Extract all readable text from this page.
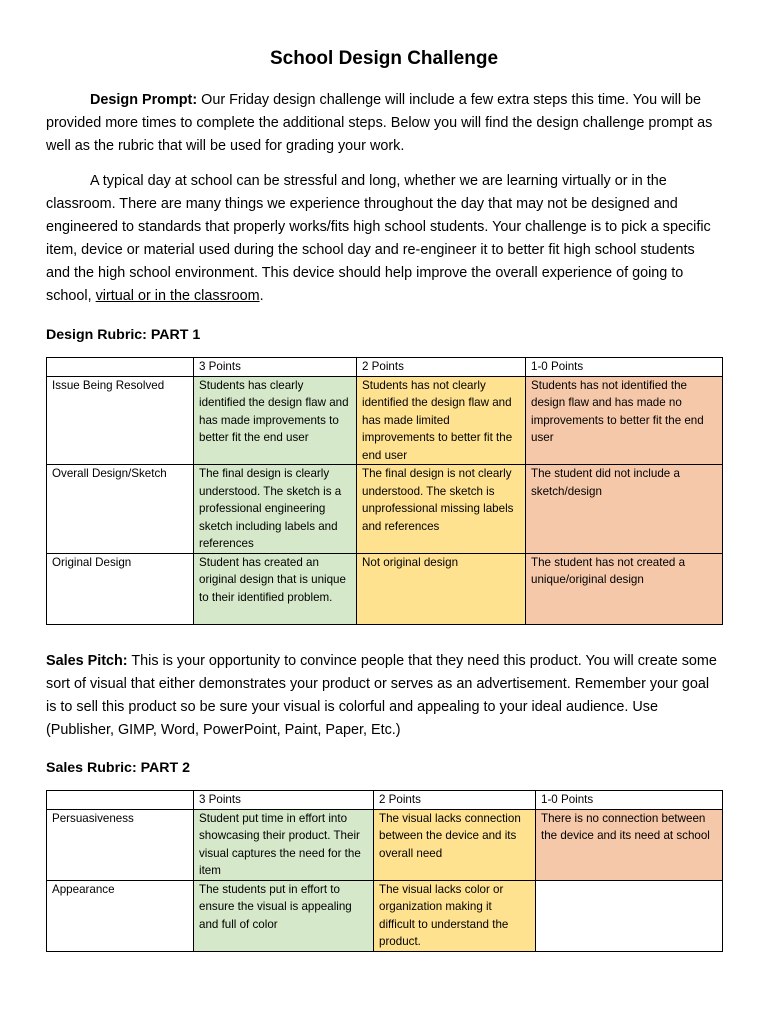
School Design Challenge

Design Prompt: Our Friday design challenge will include a few extra steps this time. You will be provided more times to complete the additional steps. Below you will find the design challenge prompt as well as the rubric that will be used for grading your work.

A typical day at school can be stressful and long, whether we are learning virtually or in the classroom. There are many things we experience throughout the day that may not be designed and engineered to standards that properly works/fits high school students. Your challenge is to pick a specific item, device or material used during the school day and re-engineer it to better fit high school students and the high school environment. This device should help improve the overall experience of going to school, virtual or in the classroom.

Design Rubric: PART 1

	3 Points	2 Points	1-0 Points
Issue Being Resolved	Students has clearly identified the design flaw and has made improvements to better fit the end user	Students has not clearly identified the design flaw and has made limited improvements to better fit the end user	Students has not identified the design flaw and has made no improvements to better fit the end user
Overall Design/Sketch	The final design is clearly understood. The sketch is a professional engineering sketch including labels and references	The final design is not clearly understood. The sketch is unprofessional missing labels and references	The student did not include a sketch/design
Original Design	Student has created an original design that is unique to their identified problem.	Not original design	The student has not created a unique/original design

Sales Pitch: This is your opportunity to convince people that they need this product. You will create some sort of visual that either demonstrates your product or serves as an advertisement. Remember your goal is to sell this product so be sure your visual is colorful and appealing to your ideal audience. Use (Publisher, GIMP, Word, PowerPoint, Paint, Paper, Etc.)

Sales Rubric: PART 2

	3 Points	2 Points	1-0 Points
Persuasiveness	Student put time in effort into showcasing their product. Their visual captures the need for the item	The visual lacks connection between the device and its overall need	There is no connection between the device and its need at school
Appearance	The students put in effort to ensure the visual is appealing and full of color	The visual lacks color or organization making it difficult to understand the product.	
